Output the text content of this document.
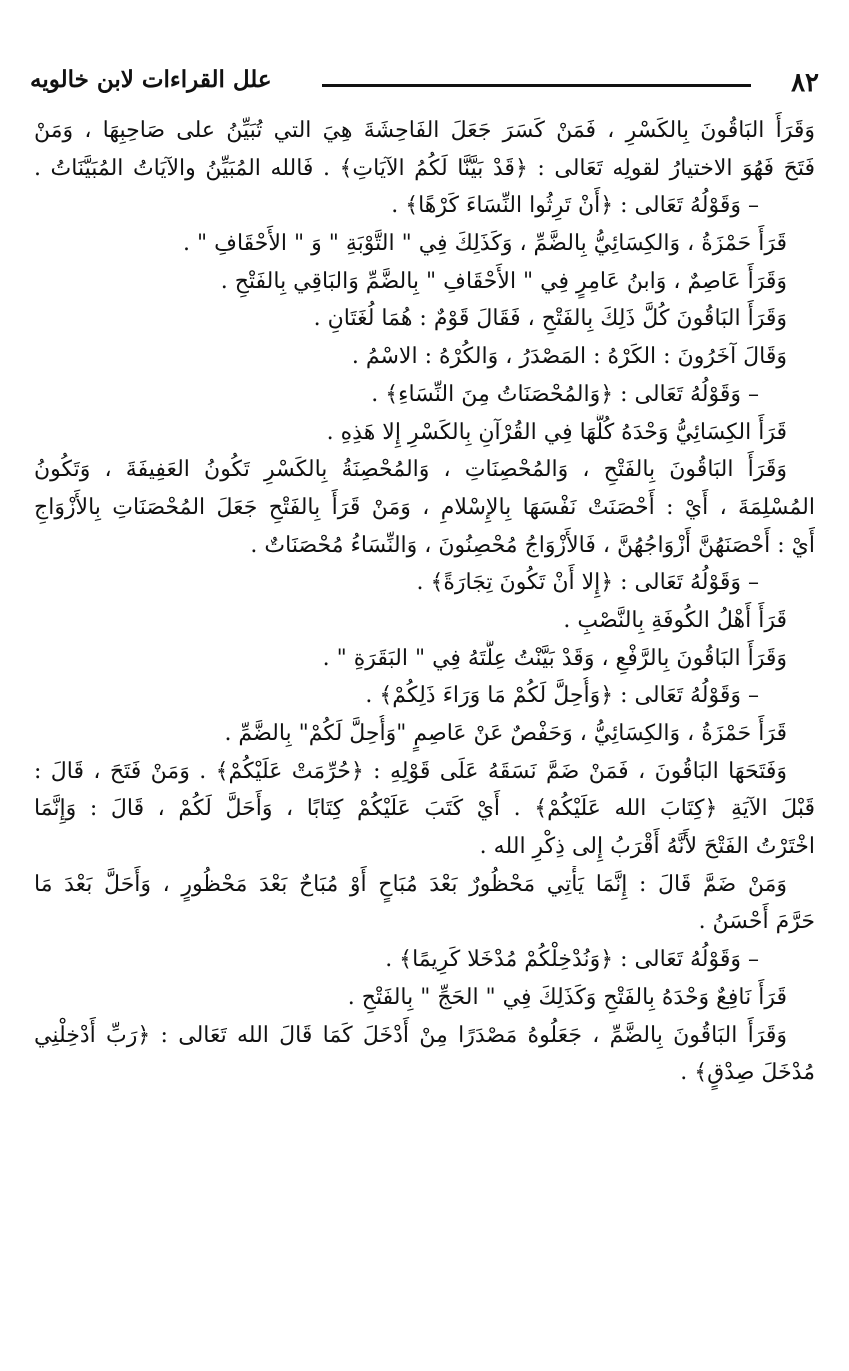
٨٢
علل القراءات لابن خالويه
وَقَرَأَ البَاقُونَ بِالكَسْرِ ، فَمَنْ كَسَرَ جَعَلَ الفَاحِشَةَ هِيَ التي تُبَيِّنُ على صَاحِبِهَا ، وَمَنْ
فَتَحَ فَهُوَ الاختيارُ لقولِه تَعَالى : ﴿قَدْ بَيَّنَّا لَكُمُ الآيَاتِ﴾ . فَالله المُبَيِّنُ والآيَاتُ المُبَيَّنَاتُ .
– وَقَوْلُهُ تَعَالى : ﴿أَنْ تَرِثُوا النِّسَاءَ كَرْهًا﴾ .
قَرَأَ حَمْزَةُ ، وَالكِسَائِيُّ بِالضَّمِّ ، وَكَذَلِكَ فِي " التَّوْبَةِ " وَ " الأَحْقَافِ " .
وَقَرَأَ عَاصِمٌ ، وَابنُ عَامِرٍ فِي " الأَحْقَافِ " بِالضَّمِّ وَالبَاقِي بِالفَتْحِ .
وَقَرَأَ البَاقُونَ كُلَّ ذَلِكَ بِالفَتْحِ ، فَقَالَ قَوْمٌ : هُمَا لُغَتَانِ .
وَقَالَ آخَرُونَ : الكَرْهُ : المَصْدَرُ ، وَالكُرْهُ : الاسْمُ .
– وَقَوْلُهُ تَعَالى : ﴿وَالمُحْصَنَاتُ مِنَ النِّسَاءِ﴾ .
قَرَأَ الكِسَائِيُّ وَحْدَهُ كُلَّهَا فِي القُرْآنِ بِالكَسْرِ إِلا هَذِهِ .
وَقَرَأَ البَاقُونَ بِالفَتْحِ ، وَالمُحْصِنَاتِ ، وَالمُحْصِنَةُ بِالكَسْرِ تَكُونُ العَفِيفَةَ ، وَتَكُونُ
المُسْلِمَةَ ، أَيْ : أَحْصَنَتْ نَفْسَهَا بِالإِسْلامِ ، وَمَنْ قَرَأَ بِالفَتْحِ جَعَلَ المُحْصَنَاتِ بِالأَزْوَاجِ
أَيْ : أَحْصَنَهُنَّ أَزْوَاجُهُنَّ ، فَالأَزْوَاجُ مُحْصِنُونَ ، وَالنِّسَاءُ مُحْصَنَاتٌ .
– وَقَوْلُهُ تَعَالى : ﴿إِلا أَنْ تَكُونَ تِجَارَةً﴾ .
قَرَأَ أَهْلُ الكُوفَةِ بِالنَّصْبِ .
وَقَرَأَ البَاقُونَ بِالرَّفْعِ ، وَقَدْ بَيَّنْتُ عِلَّتَهُ فِي " البَقَرَةِ " .
– وَقَوْلُهُ تَعَالى : ﴿وَأُحِلَّ لَكُمْ مَا وَرَاءَ ذَلِكُمْ﴾ .
قَرَأَ حَمْزَةُ ، وَالكِسَائِيُّ ، وَحَفْصٌ عَنْ عَاصِمٍ "وَأُحِلَّ لَكُمْ" بِالضَّمِّ .
وَفَتَحَهَا البَاقُونَ ، فَمَنْ ضَمَّ نَسَقَهُ عَلَى قَوْلِهِ : ﴿حُرِّمَتْ عَلَيْكُمْ﴾ . وَمَنْ فَتَحَ ، قَالَ :
قَبْلَ الآيَةِ ﴿كِتَابَ الله عَلَيْكُمْ﴾ . أَيْ كَتَبَ عَلَيْكُمْ كِتَابًا ، وَأَحَلَّ لَكُمْ ، قَالَ : وَإِنَّمَا
اخْتَرْتُ الفَتْحَ لأَنَّهُ أَقْرَبُ إِلى ذِكْرِ الله .
وَمَنْ ضَمَّ قَالَ : إِنَّمَا يَأْتِي مَحْظُورٌ بَعْدَ مُبَاحٍ أَوْ مُبَاحٌ بَعْدَ مَحْظُورٍ ، وَأَحَلَّ بَعْدَ مَا
حَرَّمَ أَحْسَنُ .
– وَقَوْلُهُ تَعَالى : ﴿وَنُدْخِلْكُمْ مُدْخَلا كَرِيمًا﴾ .
قَرَأَ نَافِعٌ وَحْدَهُ بِالفَتْحِ وَكَذَلِكَ فِي " الحَجِّ " بِالفَتْحِ .
وَقَرَأَ البَاقُونَ بِالضَّمِّ ، جَعَلُوهُ مَصْدَرًا مِنْ أَدْخَلَ كَمَا قَالَ الله تَعَالى : ﴿رَبِّ أَدْخِلْنِي
مُدْخَلَ صِدْقٍ﴾ .
